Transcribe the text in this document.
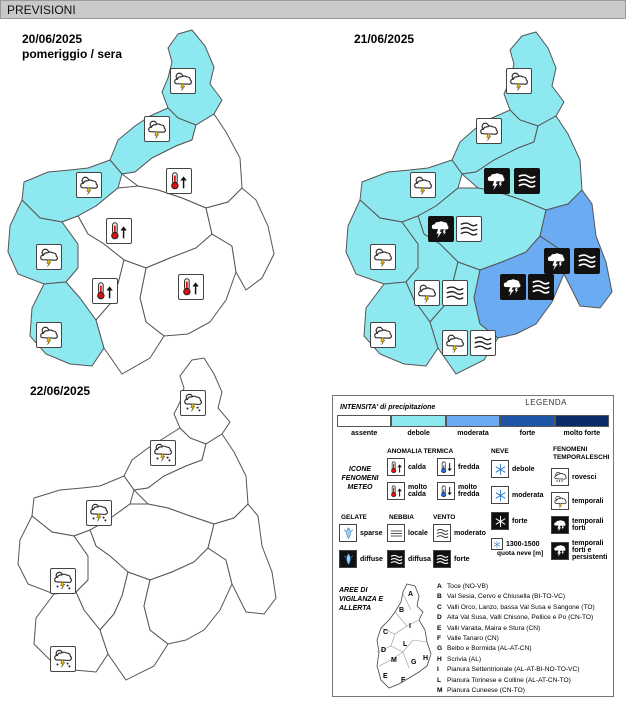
PREVISIONI
20/06/2025
pomeriggio / sera
21/06/2025
22/06/2025
LEGENDA
INTENSITA' di precipitazione
assente	debole	moderata	forte	molto forte
ICONE FENOMENI METEO
ANOMALIA TERMICA
calda	fredda
molto calda
molto fredda
NEVE
debole
moderata
forte
1300-1500
quota neve [m]
FENOMENI TEMPORALESCHI
rovesci
temporali
temporali forti
temporali forti e persistenti
GELATE	NEBBIA	VENTO
sparse
diffuse
locale
diffusa
moderato
forte
AREE DI VIGILANZA E ALLERTA
A
B
C
D
E
F
G
H
I
L
M
A Toce (NO-VB)
B Val Sesia, Cervo e Chiusella (BI-TO-VC)
C Valli Orco, Lanzo, bassa Val Susa e Sangone (TO)
D Alta Val Susa, Valli Chisone, Pellice e Po (CN-TO)
E Valli Varaita, Maira e Stura (CN)
F Valle Tanaro (CN)
G Belbo e Bormida (AL-AT-CN)
H Scrivia (AL)
I Pianura Settentrionale (AL-AT-BI-NO-TO-VC)
L Pianura Torinese e Colline (AL-AT-CN-TO)
M Pianura Cuneese (CN-TO)
